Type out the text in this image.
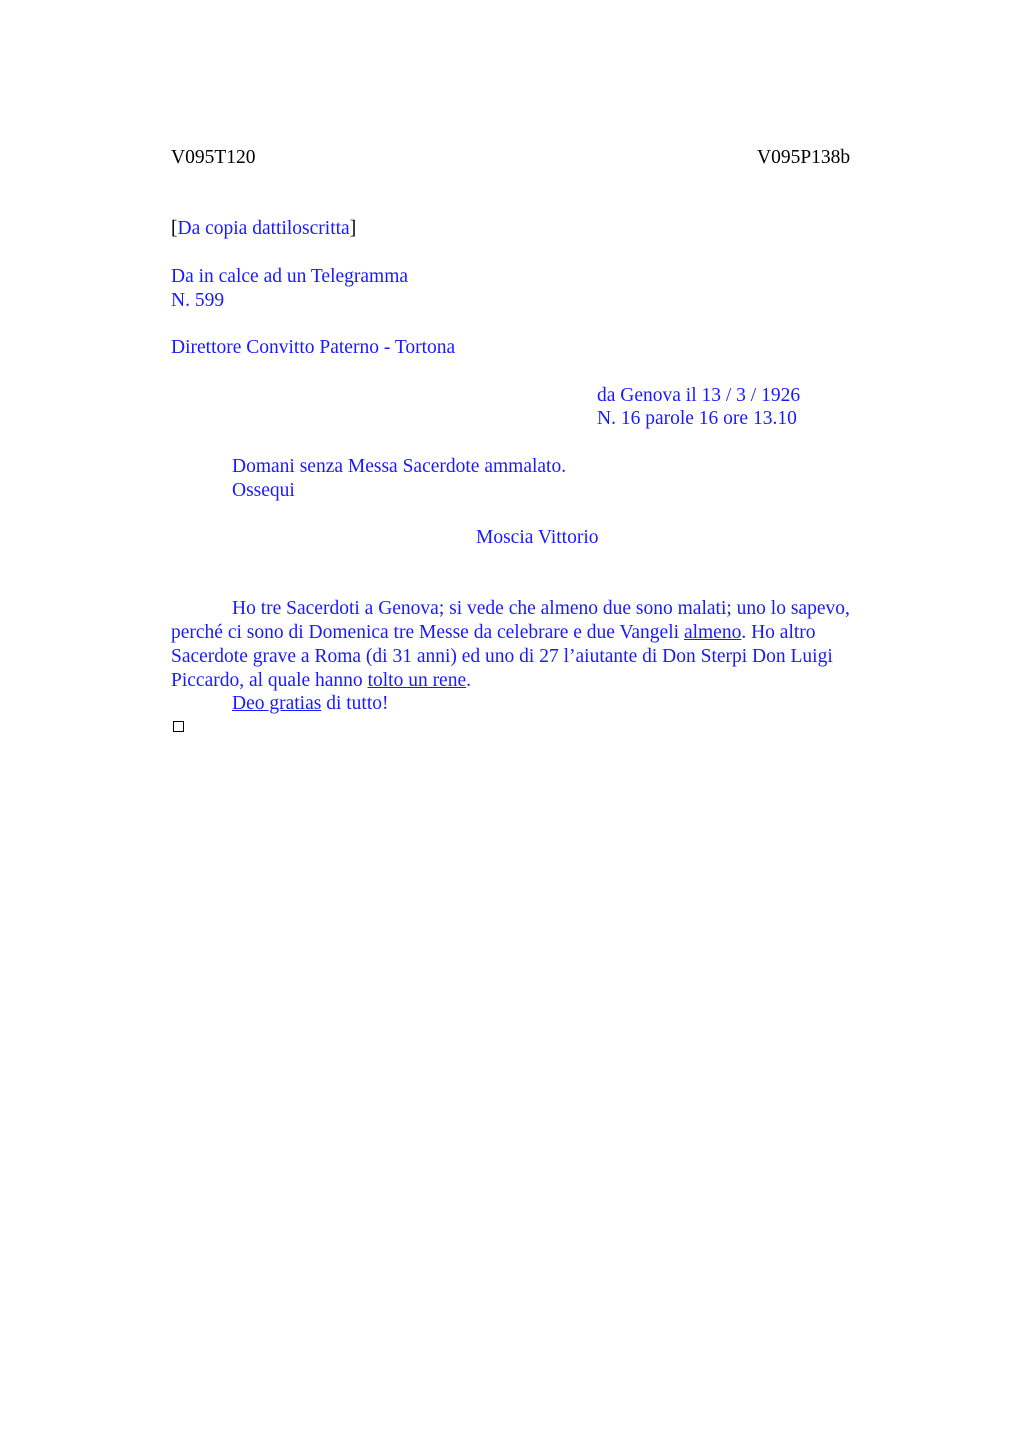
V095T120	V095P138b
[Da copia dattiloscritta]
Da in calce ad un Telegramma
N. 599
Direttore Convitto Paterno - Tortona
da Genova il 13 / 3 / 1926
N. 16 parole 16 ore 13.10
Domani senza Messa Sacerdote ammalato.
Ossequi
Moscia Vittorio
Ho tre Sacerdoti a Genova; si vede che almeno due sono malati; uno lo sapevo, perché ci sono di Domenica tre Messe da celebrare e due Vangeli almeno. Ho altro Sacerdote grave a Roma (di 31 anni) ed uno di 27 l’aiutante di Don Sterpi Don Luigi Piccardo, al quale hanno tolto un rene.
Deo gratias di tutto!
